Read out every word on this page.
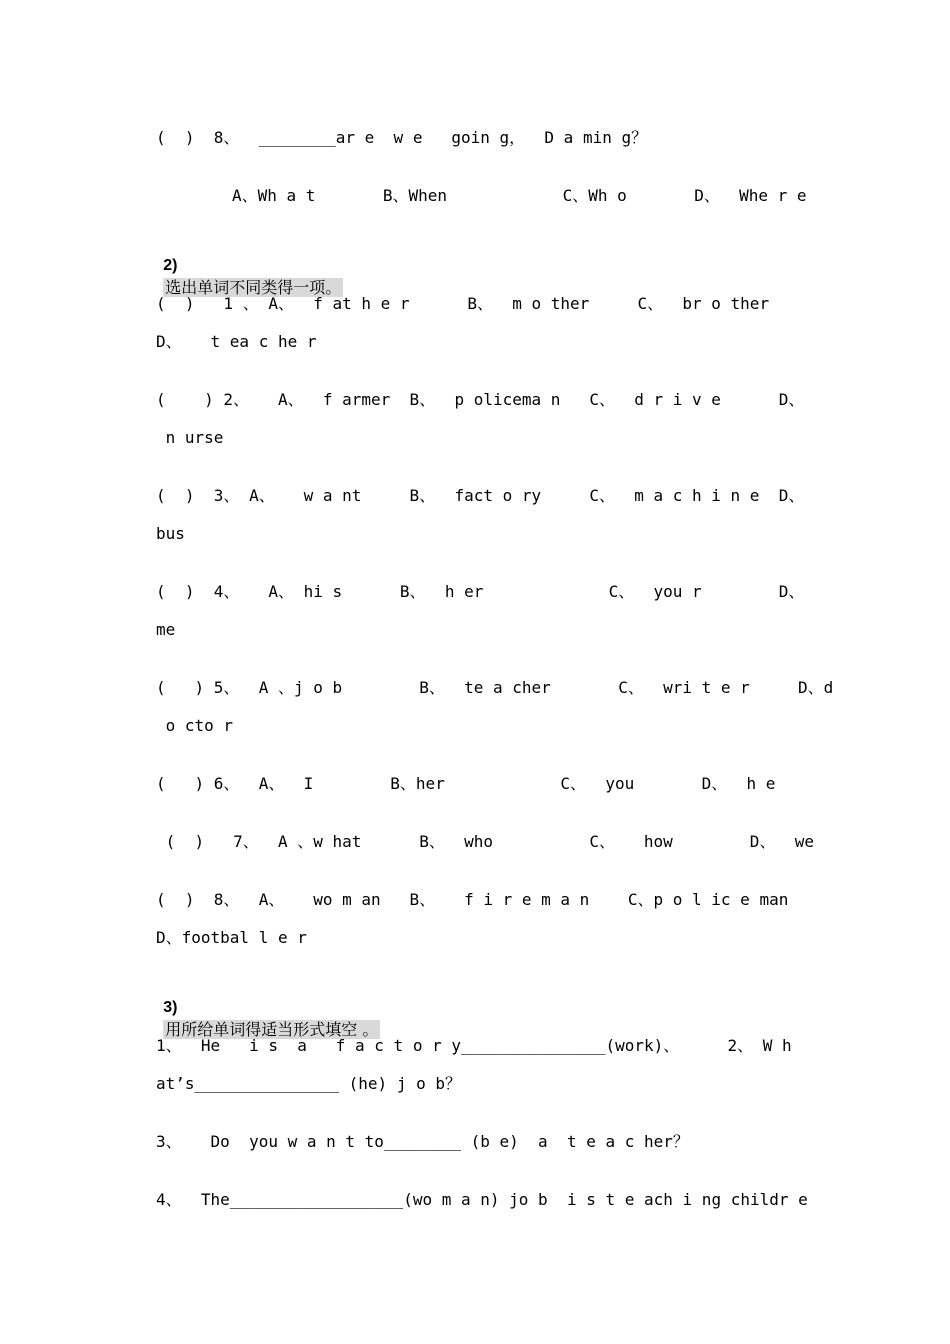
(  )  8、  ________ar e  w e   goin g，  D a min g？
A、Wh a t       B、When            C、Wh o       D、  Whe r e

2)
选出单词不同类得一项。

(  )   1 、 A、  f at h e r      B、  m o ther     C、  br o ther
D、   t ea c he r
(    ) 2、   A、  f armer  B、  p olicema n   C、  d r i v e      D、
n urse
(  )  3、 A、   w a nt     B、  fact o ry     C、  m a c h i n e  D、
bus
(  )  4、   A、 hi s      B、  h er             C、  you r        D、
me
(   ) 5、  A 、j o b        B、  te a cher       C、  wri t e r     D、d
o cto r
(   ) 6、  A、  I        B、her            C、  you       D、  h e
(  )   7、  A 、w hat      B、  who          C、   how        D、  we
(  )  8、  A、   wo m an   B、   f i r e m a n    C、p o l ic e man
D、footbal l e r

3)
用所给单词得适当形式填空 。

1、  He   i s  a   f a c t o r y_______________(work)、     2、 W h
at’s_______________ (he) j o b？
3、   Do  you w a n t to________ (b e)  a  t e a c her？
4、  The__________________(wo m a n) jo b  i s t e ach i ng childr e
